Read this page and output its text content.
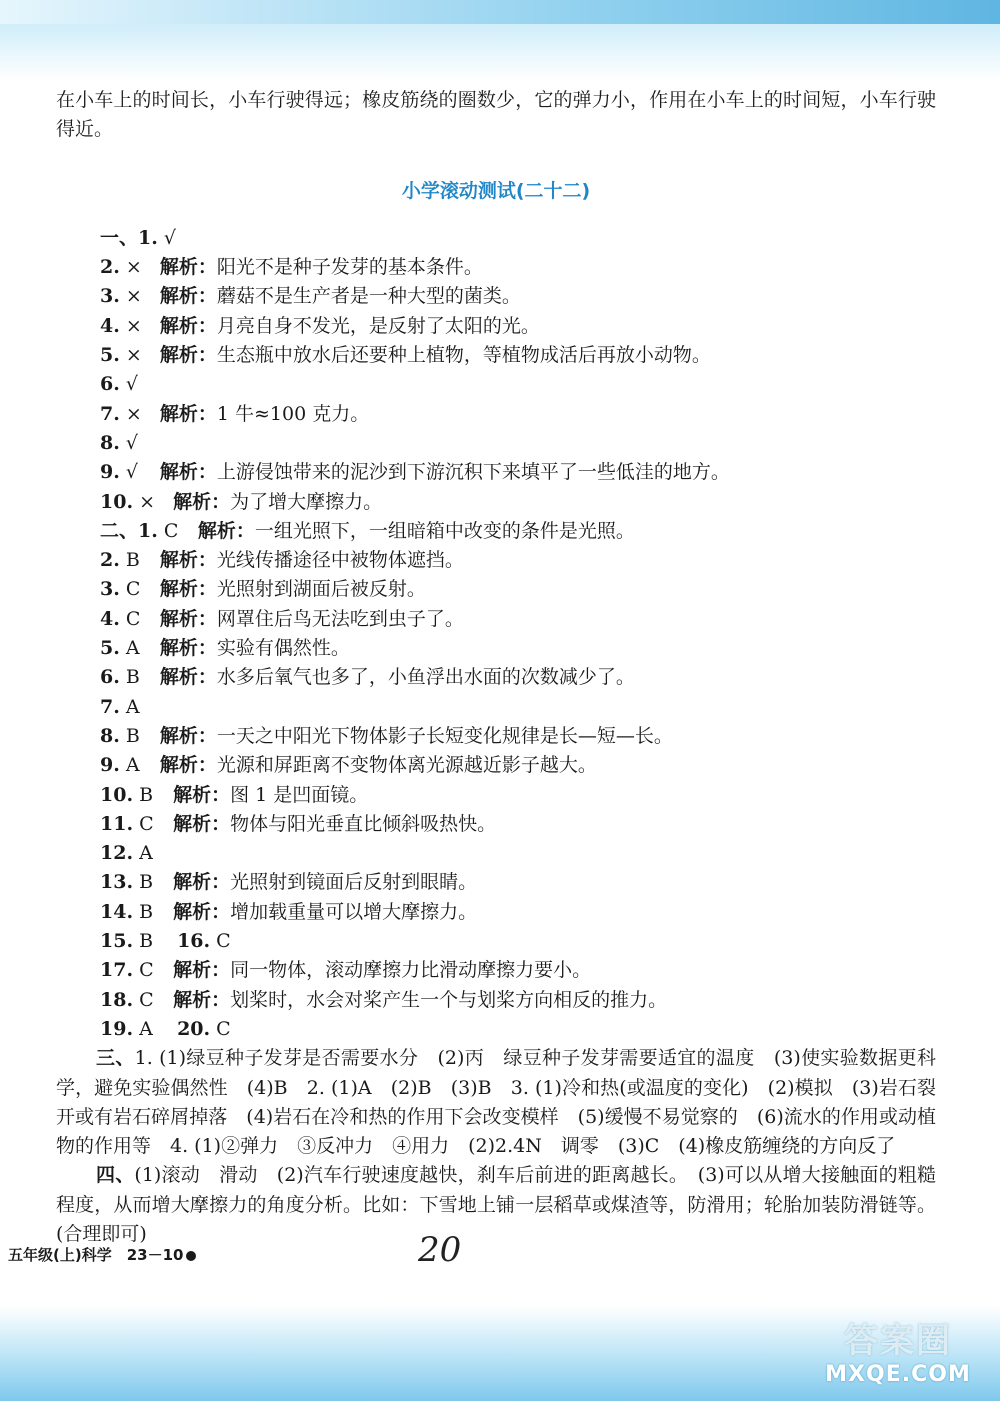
在小车上的时间长，小车行驶得远；橡皮筋绕的圈数少，它的弹力小，作用在小车上的时间短，小车行驶得近。

小学滚动测试(二十二)
一、1. √
2. × 解析：阳光不是种子发芽的基本条件。
3. × 解析：蘑菇不是生产者是一种大型的菌类。
4. × 解析：月亮自身不发光，是反射了太阳的光。
5. × 解析：生态瓶中放水后还要种上植物，等植物成活后再放小动物。
6. √
7. × 解析：1 牛≈100 克力。
8. √
9. √ 解析：上游侵蚀带来的泥沙到下游沉积下来填平了一些低洼的地方。
10. × 解析：为了增大摩擦力。
二、1. C 解析：一组光照下，一组暗箱中改变的条件是光照。
2. B 解析：光线传播途径中被物体遮挡。
3. C 解析：光照射到湖面后被反射。
4. C 解析：网罩住后鸟无法吃到虫子了。
5. A 解析：实验有偶然性。
6. B 解析：水多后氧气也多了，小鱼浮出水面的次数减少了。
7. A
8. B 解析：一天之中阳光下物体影子长短变化规律是长—短—长。
9. A 解析：光源和屏距离不变物体离光源越近影子越大。
10. B 解析：图 1 是凹面镜。
11. C 解析：物体与阳光垂直比倾斜吸热快。
12. A
13. B 解析：光照射到镜面后反射到眼睛。
14. B 解析：增加载重量可以增大摩擦力。
15. B 16. C
17. C 解析：同一物体，滚动摩擦力比滑动摩擦力要小。
18. C 解析：划桨时，水会对桨产生一个与划桨方向相反的推力。
19. A 20. C

三、1. (1)绿豆种子发芽是否需要水分　(2)丙　绿豆种子发芽需要适宜的温度　(3)使实验数据更科学，避免实验偶然性　(4)B　2. (1)A　(2)B　(3)B　3. (1)冷和热(或温度的变化)　(2)模拟　(3)岩石裂开或有岩石碎屑掉落　(4)岩石在冷和热的作用下会改变模样　(5)缓慢不易觉察的　(6)流水的作用或动植物的作用等　4. (1)②弹力　③反冲力　④用力　(2)2.4N　调零　(3)C　(4)橡皮筋缠绕的方向反了

四、(1)滚动　滑动　(2)汽车行驶速度越快，刹车后前进的距离越长。　(3)可以从增大接触面的粗糙程度，从而增大摩擦力的角度分析。比如：下雪地上铺一层稻草或煤渣等，防滑用；轮胎加装防滑链等。(合理即可)

五年级(上)科学　23－10	20
答案圈
MXQE.COM
